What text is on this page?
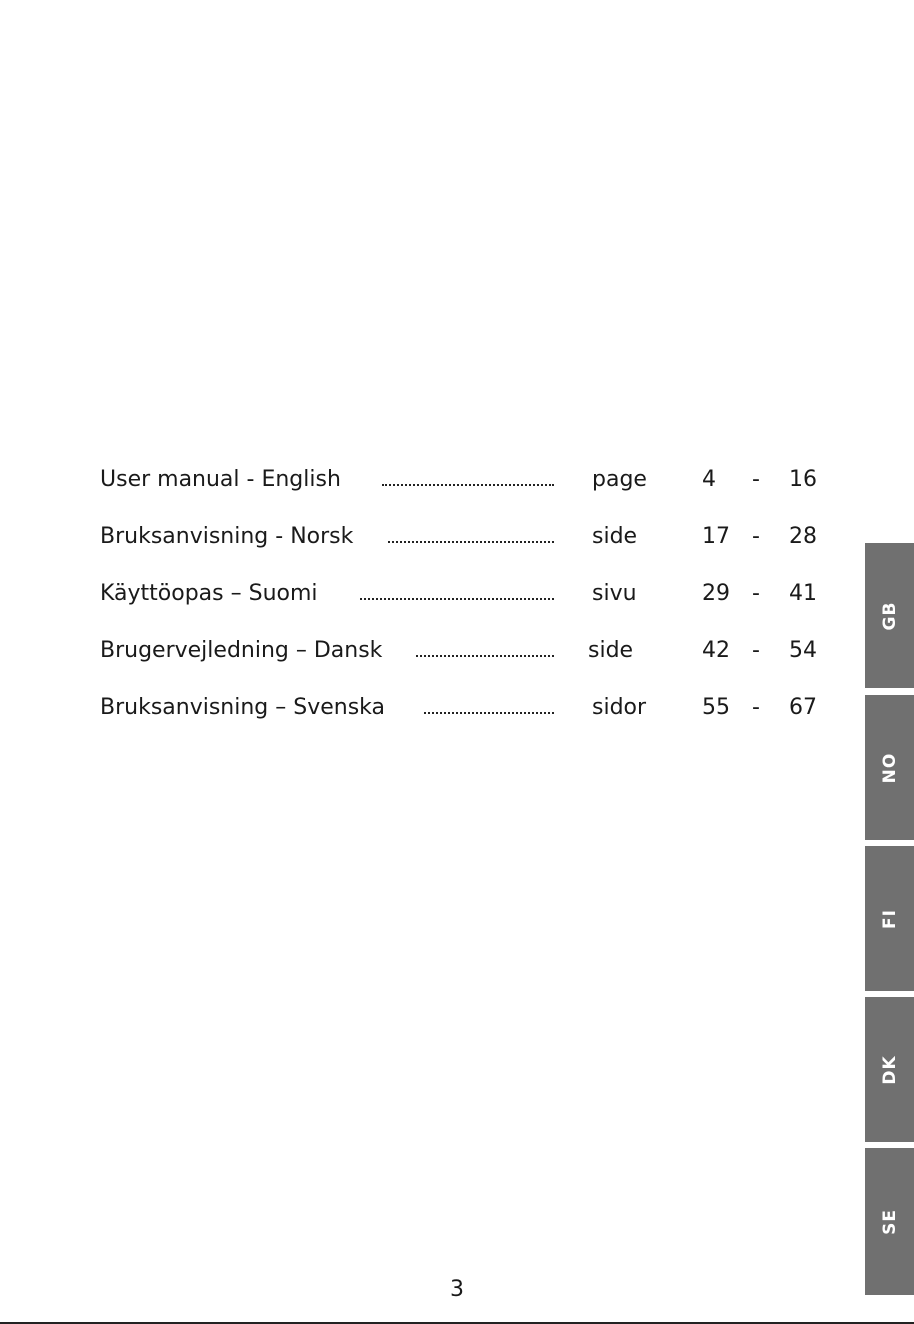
User manual - English	page	4 - 16
Bruksanvisning - Norsk	side	17 - 28
Käyttöopas – Suomi	sivu	29 - 41
Brugervejledning – Dansk	side	42 - 54
Bruksanvisning – Svenska	sidor	55 - 67
GB
NO
FI
DK
SE
3
